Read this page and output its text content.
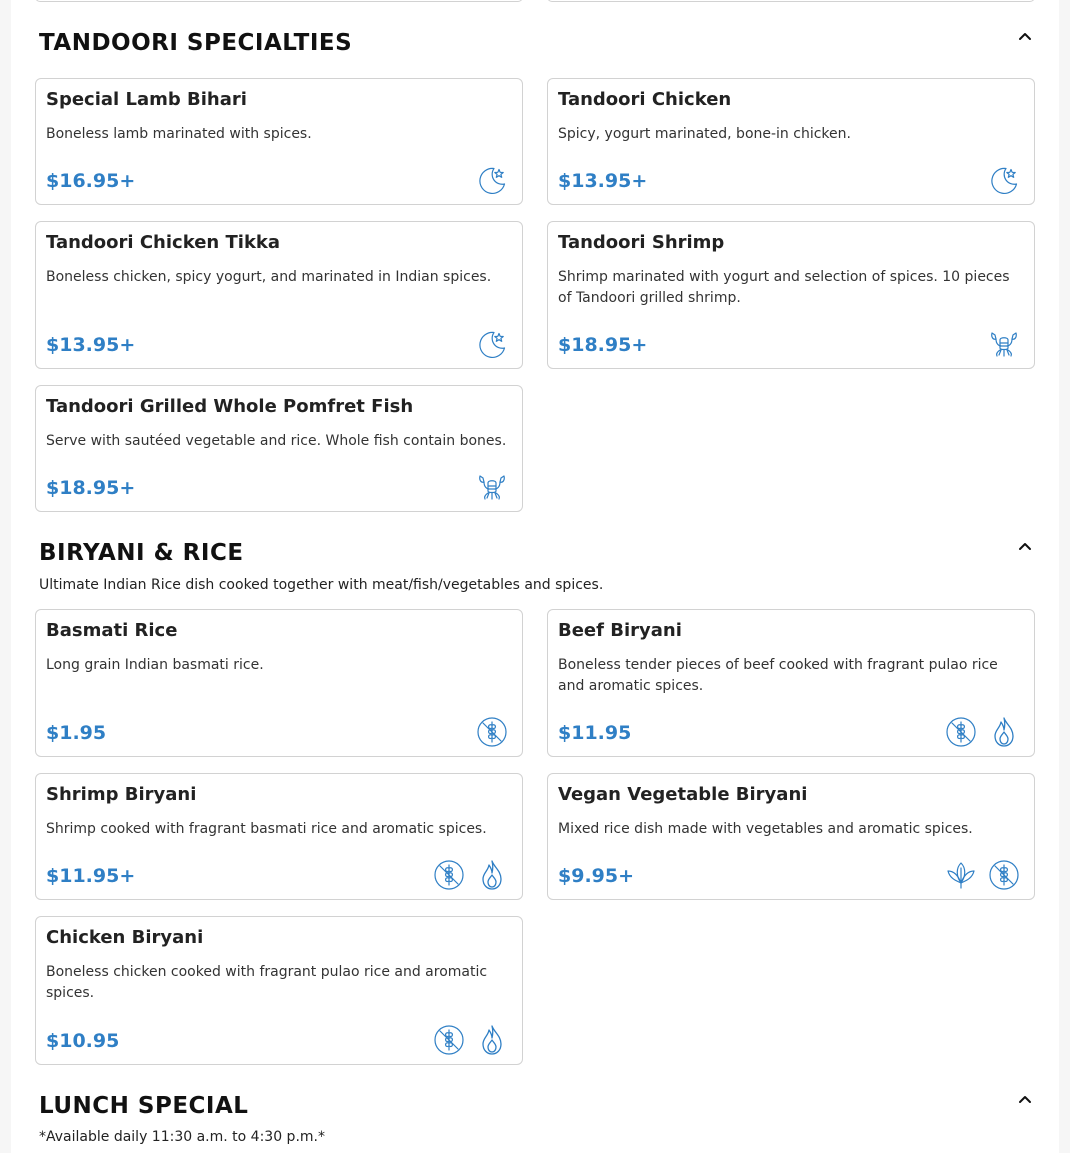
TANDOORI SPECIALTIES
Special Lamb Bihari
Boneless lamb marinated with spices.
$16.95+
Tandoori Chicken
Spicy, yogurt marinated, bone-in chicken.
$13.95+
Tandoori Chicken Tikka
Boneless chicken, spicy yogurt, and marinated in Indian spices.
$13.95+
Tandoori Shrimp
Shrimp marinated with yogurt and selection of spices. 10 pieces of Tandoori grilled shrimp.
$18.95+
Tandoori Grilled Whole Pomfret Fish
Serve with sautéed vegetable and rice. Whole fish contain bones.
$18.95+
BIRYANI & RICE
Ultimate Indian Rice dish cooked together with meat/fish/vegetables and spices.
Basmati Rice
Long grain Indian basmati rice.
$1.95
Beef Biryani
Boneless tender pieces of beef cooked with fragrant pulao rice and aromatic spices.
$11.95
Shrimp Biryani
Shrimp cooked with fragrant basmati rice and aromatic spices.
$11.95+
Vegan Vegetable Biryani
Mixed rice dish made with vegetables and aromatic spices.
$9.95+
Chicken Biryani
Boneless chicken cooked with fragrant pulao rice and aromatic spices.
$10.95
LUNCH SPECIAL
*Available daily 11:30 a.m. to 4:30 p.m.*
